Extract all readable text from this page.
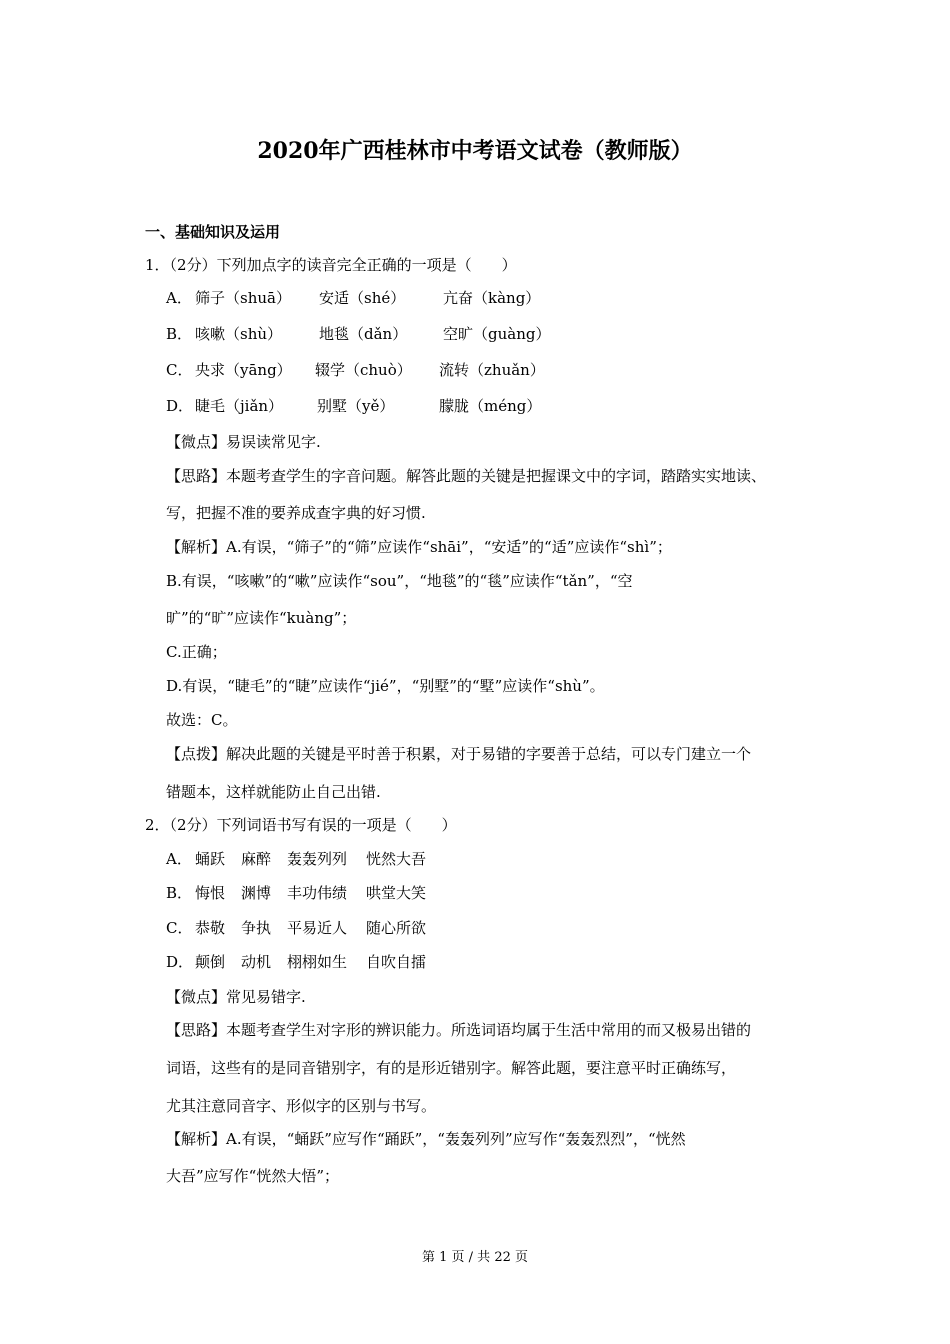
2020年广西桂林市中考语文试卷（教师版）
一、基础知识及运用
1．（2分）下列加点字的读音完全正确的一项是（　　）
A． 筛子（shuā） 安适（shé）	亢奋（kàng）
B． 咳嗽（shù） 地毯（dǎn） 空旷（guàng）
C． 央求（yāng） 辍学（chuò） 流转（zhuǎn）
D． 睫毛（jiǎn） 别墅（yě）	朦胧（méng）
【微点】易误读常见字.
【思路】本题考查学生的字音问题。解答此题的关键是把握课文中的字词，踏踏实实地读、
写，把握不准的要养成查字典的好习惯.
【解析】A.有误，“筛子”的“筛”应读作“shāi”，“安适”的“适”应读作“shì”；
B.有误，“咳嗽”的“嗽”应读作“sou”，“地毯”的“毯”应读作“tǎn”，“空
旷”的“旷”应读作“kuàng”；
C.正确；
D.有误，“睫毛”的“睫”应读作“jié”，“别墅”的“墅”应读作“shù”。
故选：C。
【点拨】解决此题的关键是平时善于积累，对于易错的字要善于总结，可以专门建立一个
错题本，这样就能防止自己出错.
2．（2分）下列词语书写有误的一项是（　　）
A． 蛹跃 麻醉 轰轰列列 恍然大吾
B． 悔恨 渊博 丰功伟绩 哄堂大笑
C． 恭敬 争执 平易近人 随心所欲
D． 颠倒 动机 栩栩如生 自吹自擂
【微点】常见易错字.
【思路】本题考查学生对字形的辨识能力。所选词语均属于生活中常用的而又极易出错的
词语，这些有的是同音错别字，有的是形近错别字。解答此题，要注意平时正确练写，
尤其注意同音字、形似字的区别与书写。
【解析】A.有误，“蛹跃”应写作“踊跃”，“轰轰列列”应写作“轰轰烈烈”，“恍然
大吾”应写作“恍然大悟”；
第 1 页 / 共 22 页
